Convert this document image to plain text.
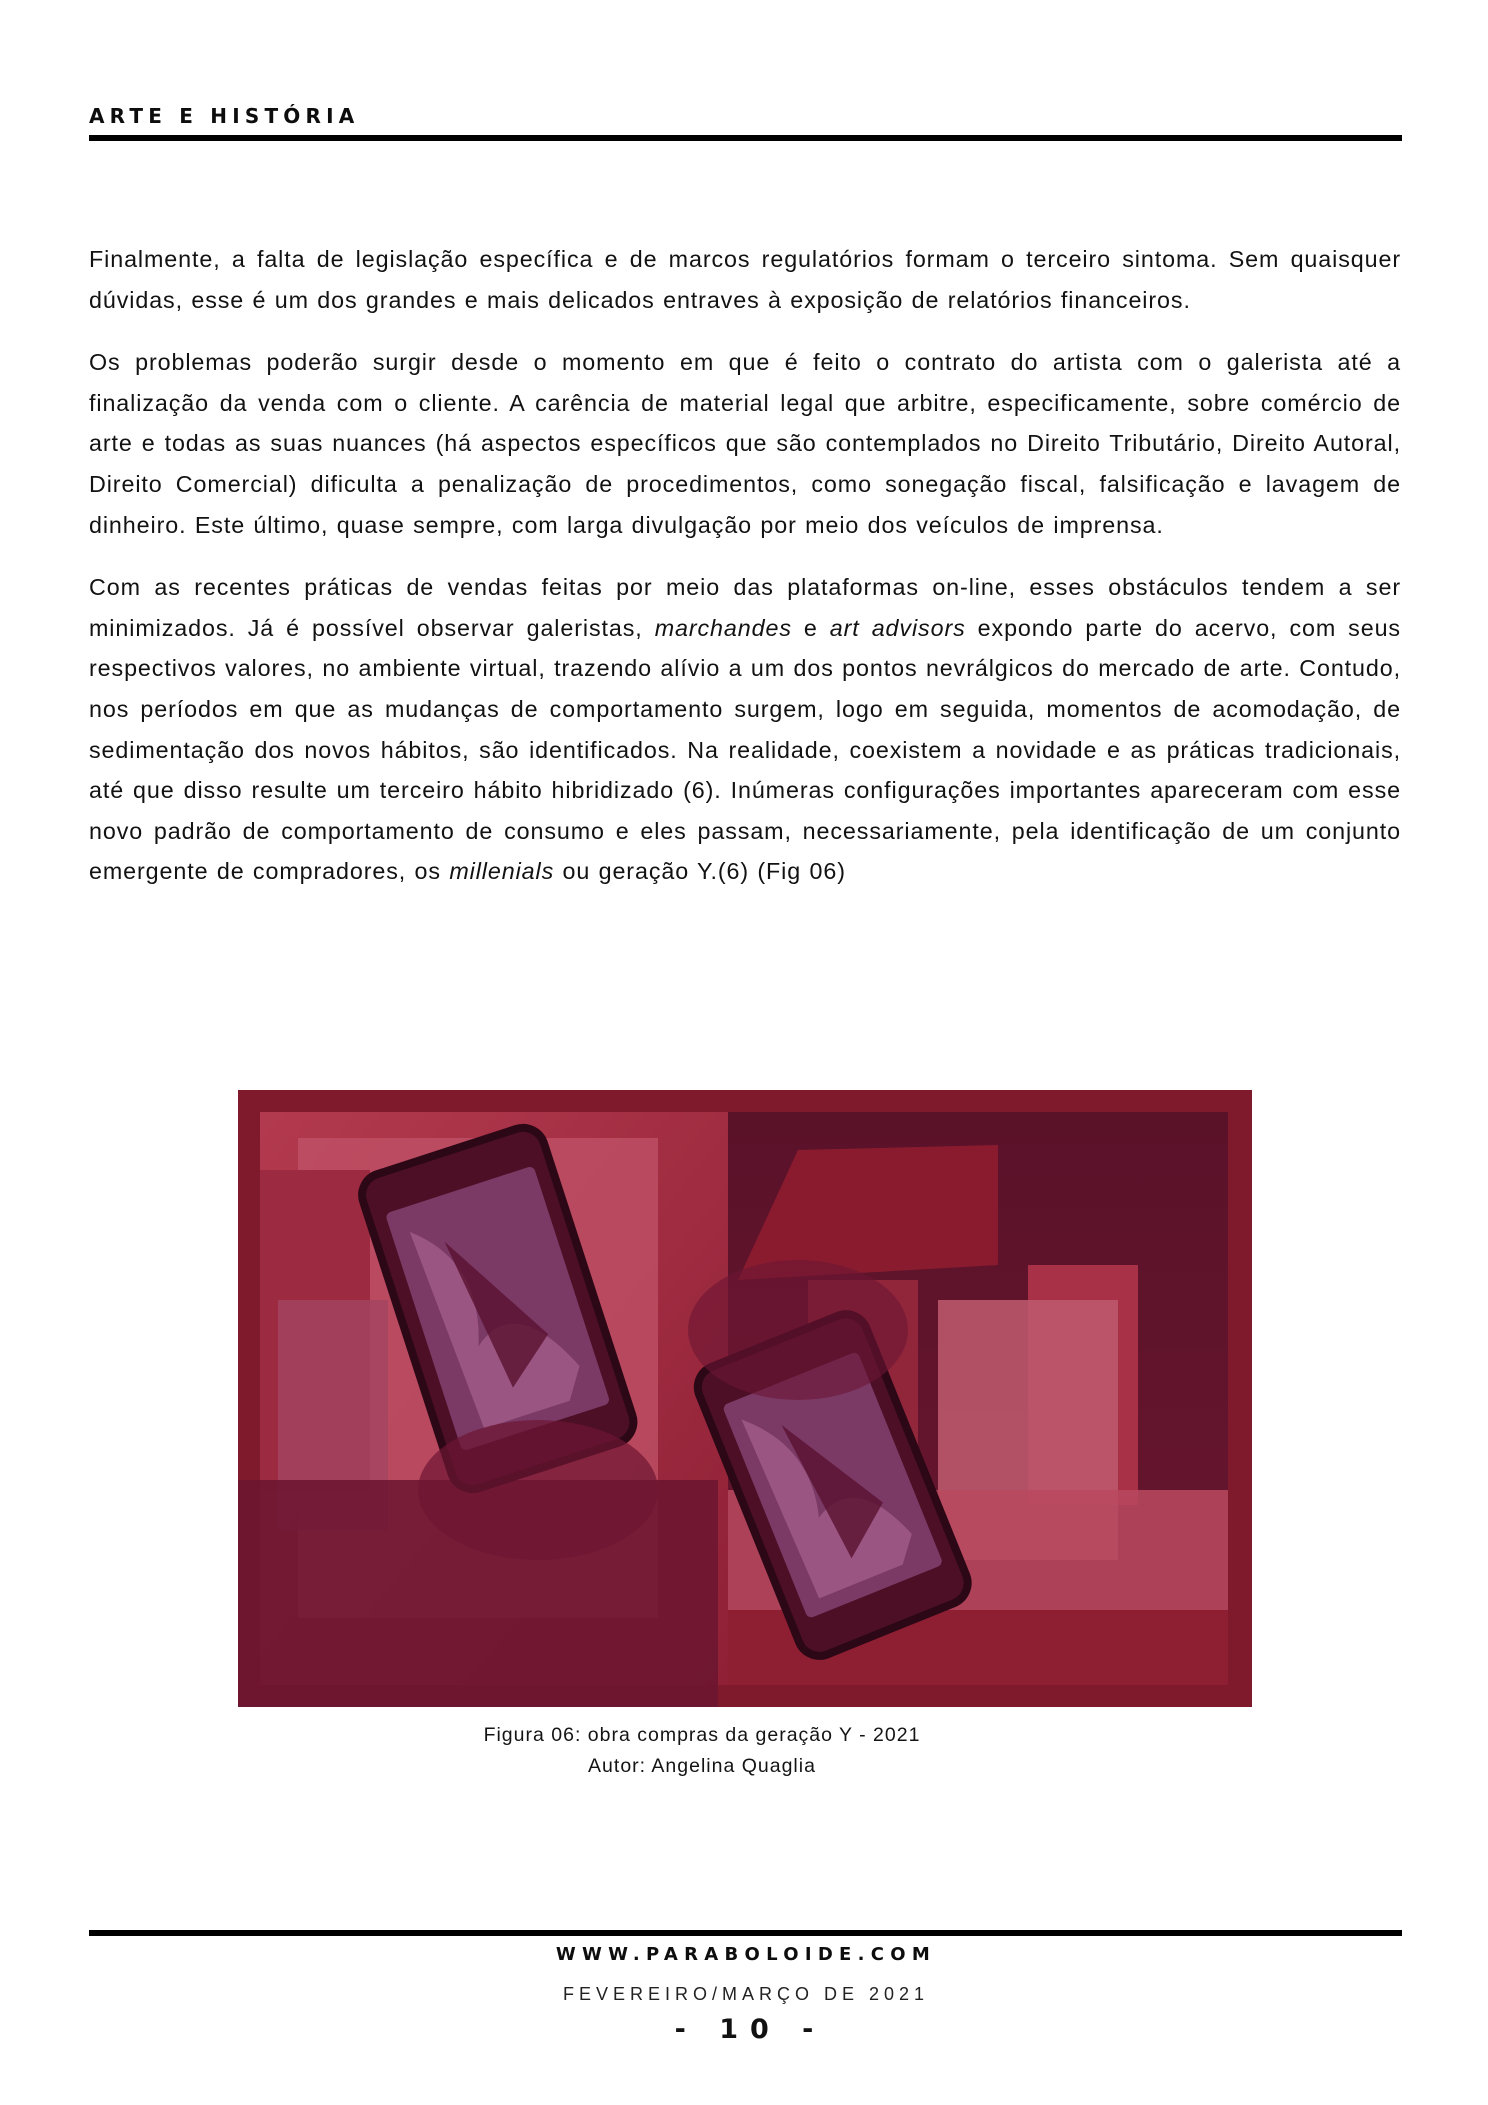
ARTE E HISTÓRIA

Finalmente, a falta de legislação específica e de marcos regulatórios formam o terceiro sintoma. Sem quaisquer dúvidas, esse é um dos grandes e mais delicados entraves à exposição de relatórios financeiros.

Os problemas poderão surgir desde o momento em que é feito o contrato do artista com o galerista até a finalização da venda com o cliente. A carência de material legal que arbitre, especificamente, sobre comércio de arte e todas as suas nuances (há aspectos específicos que são contemplados no Direito Tributário, Direito Autoral, Direito Comercial) dificulta a penalização de procedimentos, como sonegação fiscal, falsificação e lavagem de dinheiro. Este último, quase sempre, com larga divulgação por meio dos veículos de imprensa.

Com as recentes práticas de vendas feitas por meio das plataformas on-line, esses obstáculos tendem a ser minimizados. Já é possível observar galeristas, marchandes e art advisors expondo parte do acervo, com seus respectivos valores, no ambiente virtual, trazendo alívio a um dos pontos nevrálgicos do mercado de arte. Contudo, nos períodos em que as mudanças de comportamento surgem, logo em seguida, momentos de acomodação, de sedimentação dos novos hábitos, são identificados. Na realidade, coexistem a novidade e as práticas tradicionais, até que disso resulte um terceiro hábito hibridizado (6). Inúmeras configurações importantes apareceram com esse novo padrão de comportamento de consumo e eles passam, necessariamente, pela identificação de um conjunto emergente de compradores, os millenials ou geração Y.(6) (Fig 06)

Figura 06: obra compras da geração Y - 2021
Autor: Angelina Quaglia
WWW.PARABOLOIDE.COM
FEVEREIRO/MARÇO DE 2021
- 10 -
